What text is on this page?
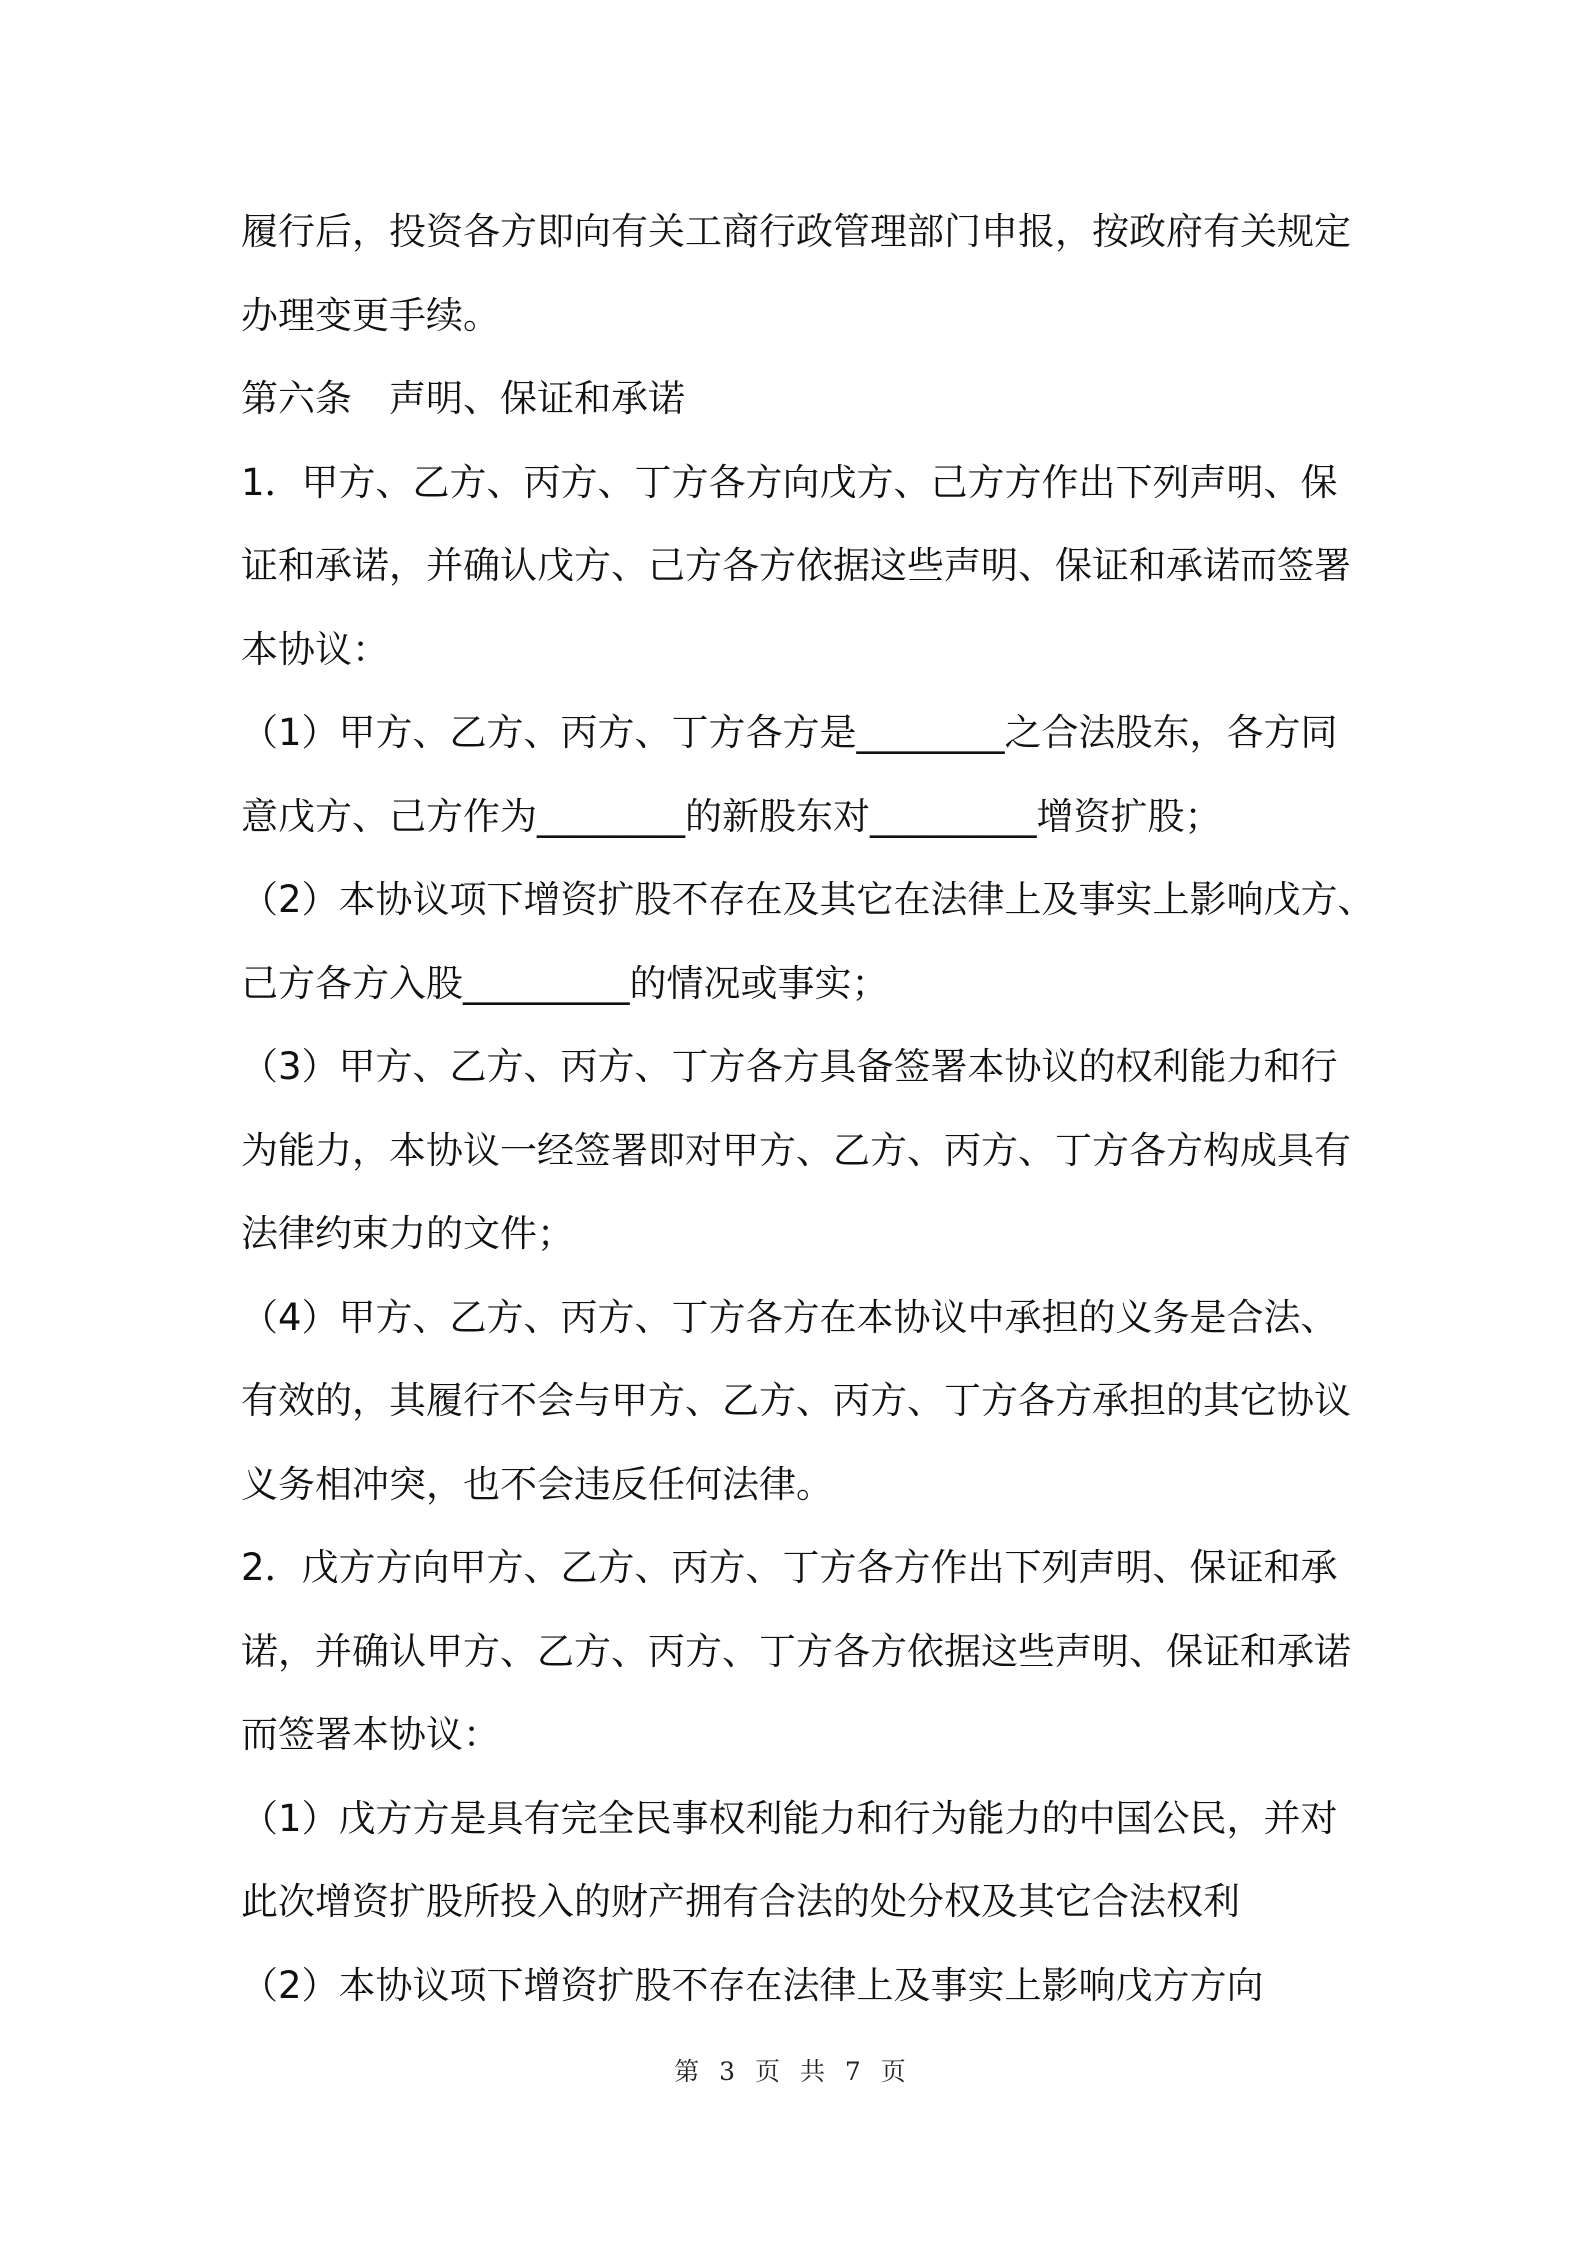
履行后，投资各方即向有关工商行政管理部门申报，按政府有关规定
办理变更手续。
第六条　声明、保证和承诺
1．甲方、乙方、丙方、丁方各方向戊方、己方方作出下列声明、保
证和承诺，并确认戊方、己方各方依据这些声明、保证和承诺而签署
本协议：
（1）甲方、乙方、丙方、丁方各方是________之合法股东，各方同
意戊方、己方作为________的新股东对_________增资扩股；
（2）本协议项下增资扩股不存在及其它在法律上及事实上影响戊方、
己方各方入股_________的情况或事实；
（3）甲方、乙方、丙方、丁方各方具备签署本协议的权利能力和行
为能力，本协议一经签署即对甲方、乙方、丙方、丁方各方构成具有
法律约束力的文件；
（4）甲方、乙方、丙方、丁方各方在本协议中承担的义务是合法、
有效的，其履行不会与甲方、乙方、丙方、丁方各方承担的其它协议
义务相冲突，也不会违反任何法律。
2．戊方方向甲方、乙方、丙方、丁方各方作出下列声明、保证和承
诺，并确认甲方、乙方、丙方、丁方各方依据这些声明、保证和承诺
而签署本协议：
（1）戊方方是具有完全民事权利能力和行为能力的中国公民，并对
此次增资扩股所投入的财产拥有合法的处分权及其它合法权利
（2）本协议项下增资扩股不存在法律上及事实上影响戊方方向
第 3 页 共 7 页
